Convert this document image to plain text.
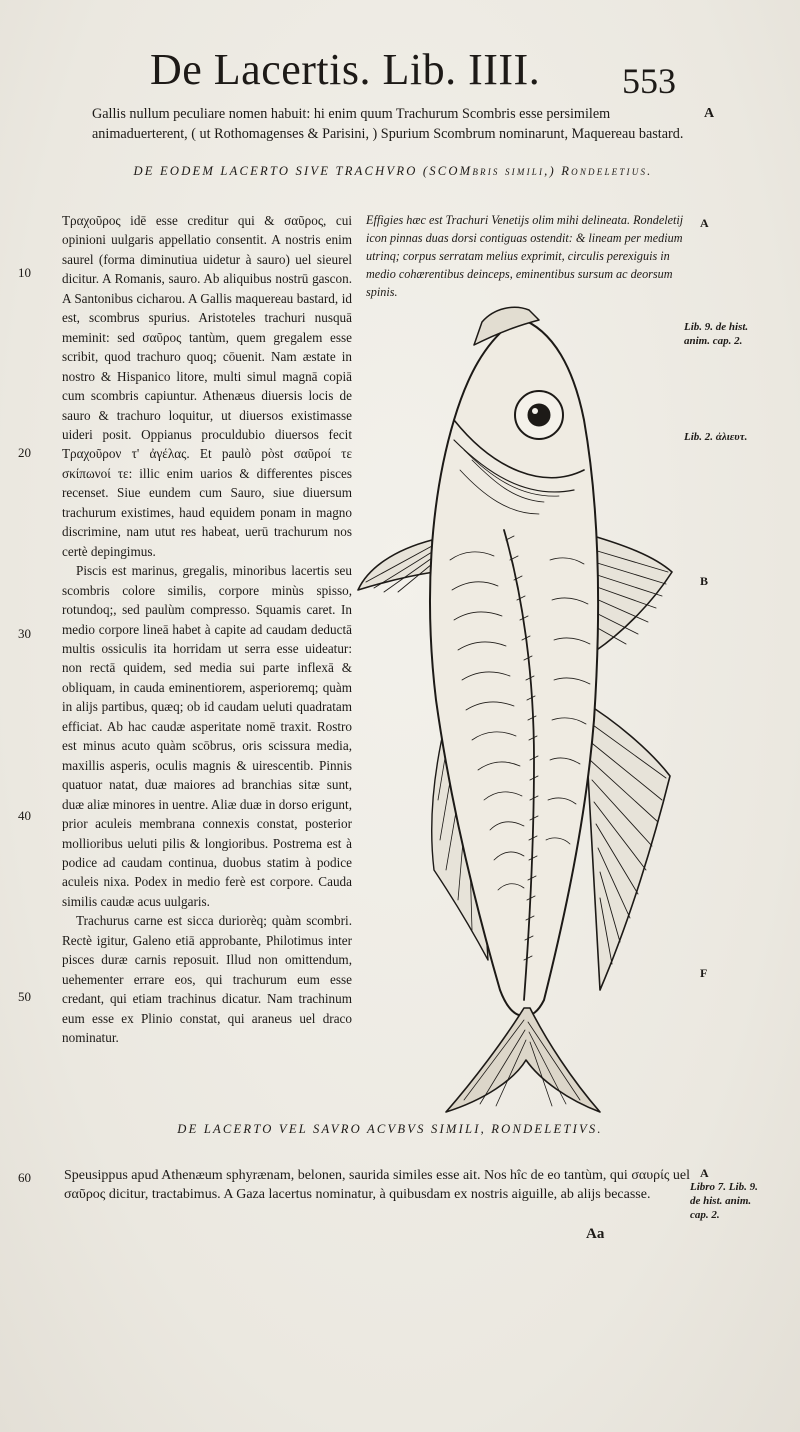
De Lacertis. Lib. IIII. 553

Gallis nullum peculiare nomen habuit: hi enim quum Trachurum Scombris esse persimilem animaduerterent, ( ut Rothomagenses & Parisini, ) Spurium Scombrum nominarunt, Maquereau bastard.

A

DE EODEM LACERTO SIVE TRACHVRO (SCOMbris simili,) Rondeletius.

Τραχοῦρος idē esse creditur qui & σαῦρος, cui opinioni uulgaris appellatio consentit. A nostris enim saurel (forma diminutiua uidetur à sauro) uel sieurel dicitur. A Romanis, sauro. Ab aliquibus nostrū gascon. A Santonibus cicharou. A Gallis maquereau bastard, id est, scombrus spurius. Aristoteles trachuri nusquā meminit: sed σαῦρος tantùm, quem gregalem esse scribit, quod trachuro quoq; cōuenit. Nam æstate in nostro & Hispanico litore, multi simul magnā copiā cum scombris capiuntur. Athenæus diuersis locis de sauro & trachuro loquitur, ut diuersos existimasse uideri posit. Oppianus proculdubio diuersos fecit Τραχοῦρον τ' ἀγέλας. Et paulò pòst σαῦροί τε σκίπωνοί τε: illic enim uarios & differentes pisces recenset. Siue eundem cum Sauro, siue diuersum trachurum existimes, haud equidem ponam in magno discrimine, nam utut res habeat, uerū trachurum nos certè depingimus.

Piscis est marinus, gregalis, minoribus lacertis seu scombris colore similis, corpore minùs spisso, rotundoq;, sed paulùm compresso. Squamis caret. In medio corpore lineā habet à capite ad caudam deductā multis ossiculis ita horridam ut serra esse uideatur: non rectā quidem, sed media sui parte inflexā & obliquam, in cauda eminentiorem, asperioremq; quàm in alijs partibus, quæq; ob id caudam ueluti quadratam efficiat. Ab hac caudæ asperitate nomē traxit. Rostro est minus acuto quàm scōbrus, oris scissura media, maxillis asperis, oculis magnis & uirescentib. Pinnis quatuor natat, duæ maiores ad branchias sitæ sunt, duæ aliæ minores in uentre. Aliæ duæ in dorso erigunt, prior aculeis membrana connexis constat, posterior mollioribus ueluti pilis & longioribus. Postrema est à podice ad caudam continua, duobus statim à podice aculeis nixa. Podex in medio ferè est corpore. Cauda similis caudæ acus uulgaris.

Trachurus carne est sicca duriorèq; quàm scombri. Rectè igitur, Galeno etiā approbante, Philotimus inter pisces duræ carnis reposuit. Illud non omittendum, uehementer errare eos, qui trachurum eum esse credant, qui etiam trachinus dicatur. Nam trachinum eum esse ex Plinio constat, qui araneus uel draco nominatur.

10
20
30
40
50

Effigies hæc est Trachuri Venetijs olim mihi delineata. Rondeletij icon pinnas duas dorsi contiguas ostendit: & lineam per medium utrinq; corpus serratam melius exprimit, circulis perexiguis in medio cohærentibus deinceps, eminentibus sursum ac deorsum spinis.

A
Lib. 9. de hist. anim. cap. 2.
Lib. 2. ἀλιευτ.
B
F

DE LACERTO VEL SAVRO ACVBVS SIMILI, RONDELETIVS.

60 Speusippus apud Athenæum sphyrænam, belonen, saurida similes esse ait. Nos hîc de eo tantùm, qui σαυρίς uel σαῦρος dicitur, tractabimus. A Gaza lacertus nominatur, à quibusdam ex nostris aiguille, ab alijs becasse.

A
Libro 7. Lib. 9. de hist. anim. cap. 2.
Aa
